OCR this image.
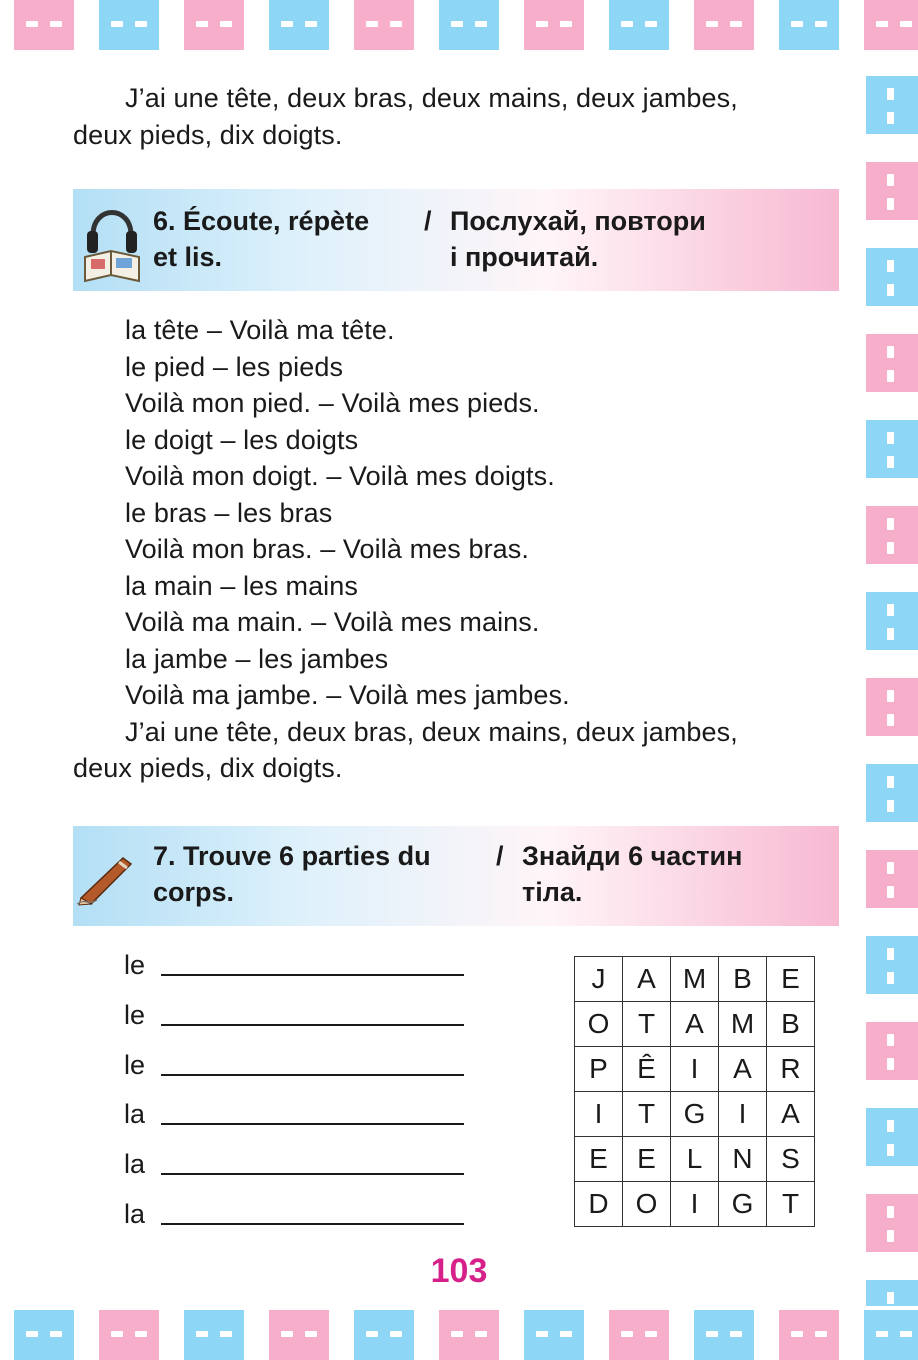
J’ai une tête, deux bras, deux mains, deux jambes,
deux pieds, dix doigts.
6. Écoute, répète
et lis.
/ Послухай, повтори
і прочитай.
la tête – Voilà ma tête.
le pied – les pieds
Voilà mon pied. – Voilà mes pieds.
le doigt – les doigts
Voilà mon doigt. – Voilà mes doigts.
le bras – les bras
Voilà mon bras. – Voilà mes bras.
la main – les mains
Voilà ma main. – Voilà mes mains.
la jambe – les jambes
Voilà ma jambe. – Voilà mes jambes.
J’ai une tête, deux bras, deux mains, deux jambes,
deux pieds, dix doigts.
7. Trouve 6 parties du
corps.
/ Знайди 6 частин
тіла.
le
le
le
la
la
la
J	A	M	B	E
O	T	A	M	B
P	Ê	I	A	R
I	T	G	I	A
E	E	L	N	S
D	O	I	G	T
103
